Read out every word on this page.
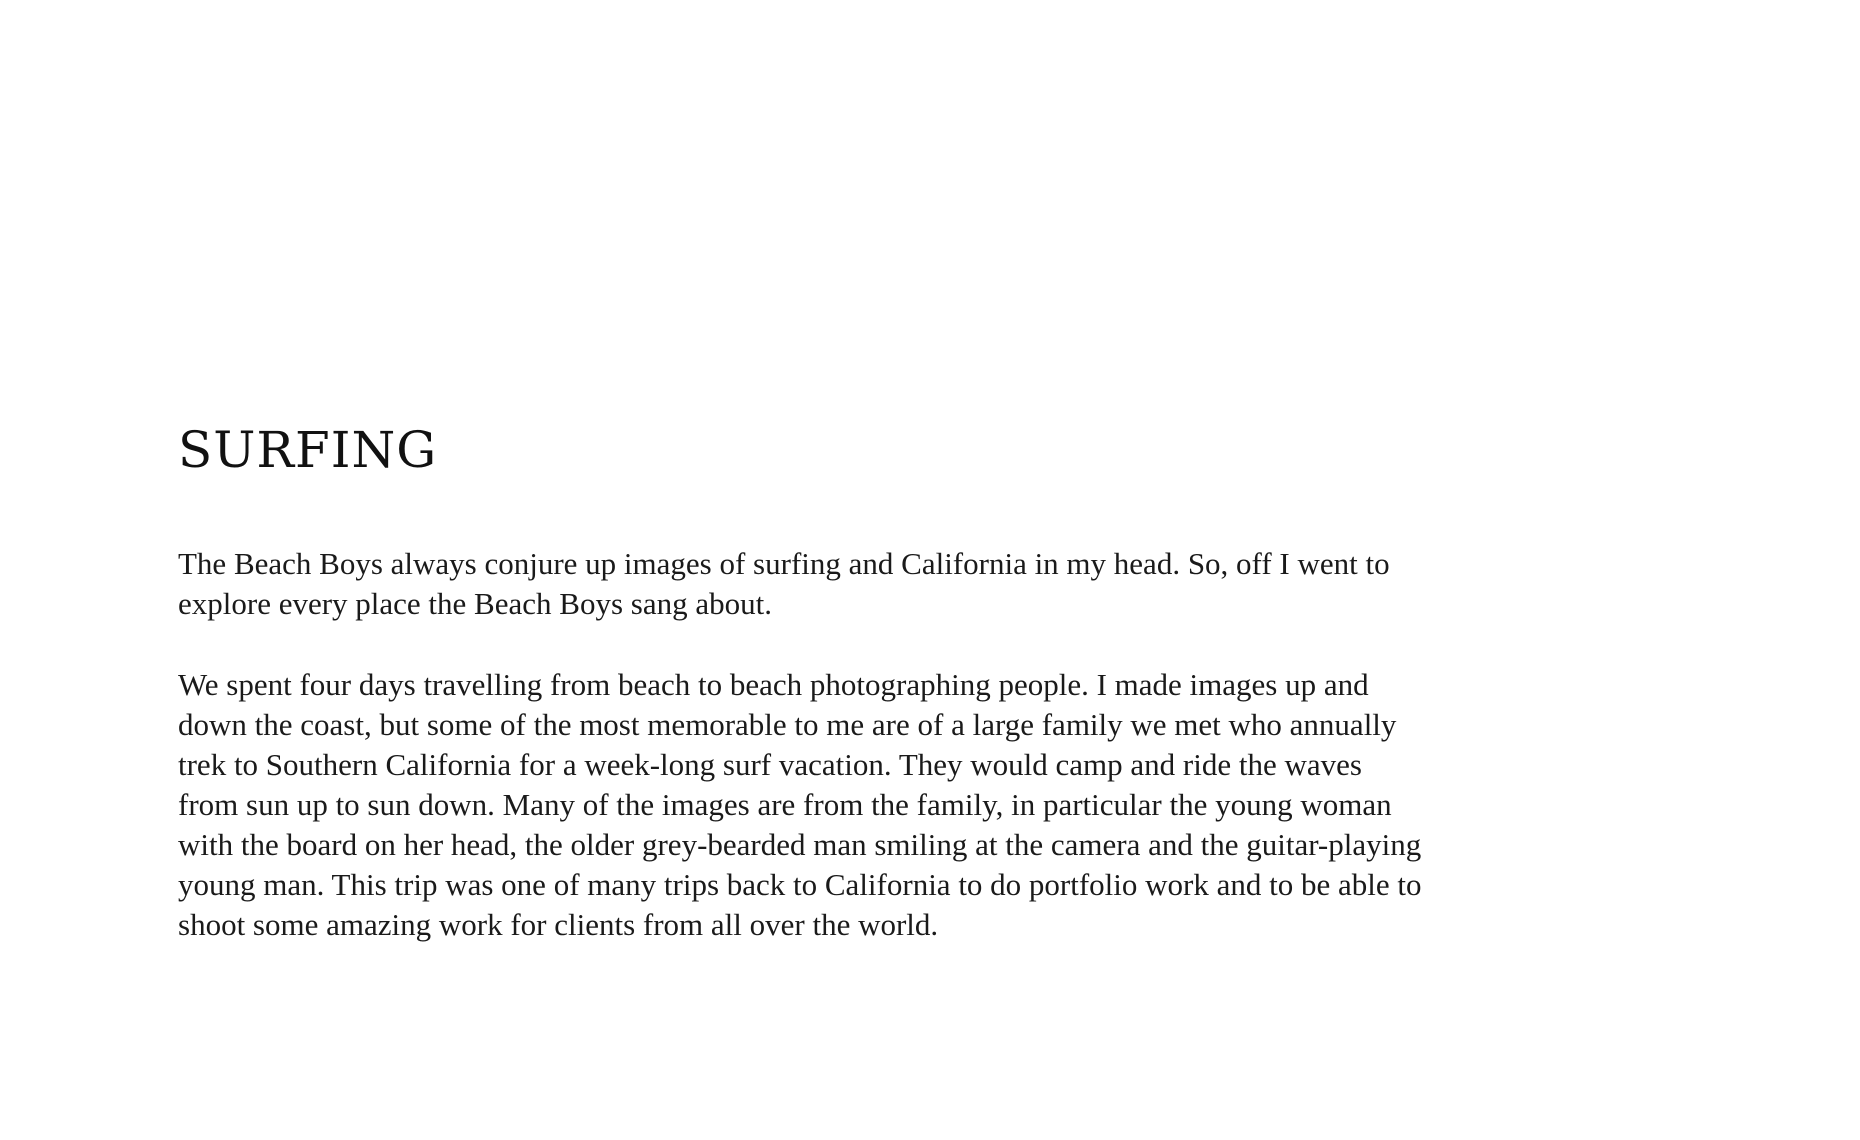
SURFING

The Beach Boys always conjure up images of surfing and California in my head. So, off I went to
explore every place the Beach Boys sang about.

We spent four days travelling from beach to beach photographing people. I made images up and
down the coast, but some of the most memorable to me are of a large family we met who annually
trek to Southern California for a week-long surf vacation. They would camp and ride the waves
from sun up to sun down. Many of the images are from the family, in particular the young woman
with the board on her head, the older grey-bearded man smiling at the camera and the guitar-playing
young man. This trip was one of many trips back to California to do portfolio work and to be able to
shoot some amazing work for clients from all over the world.
